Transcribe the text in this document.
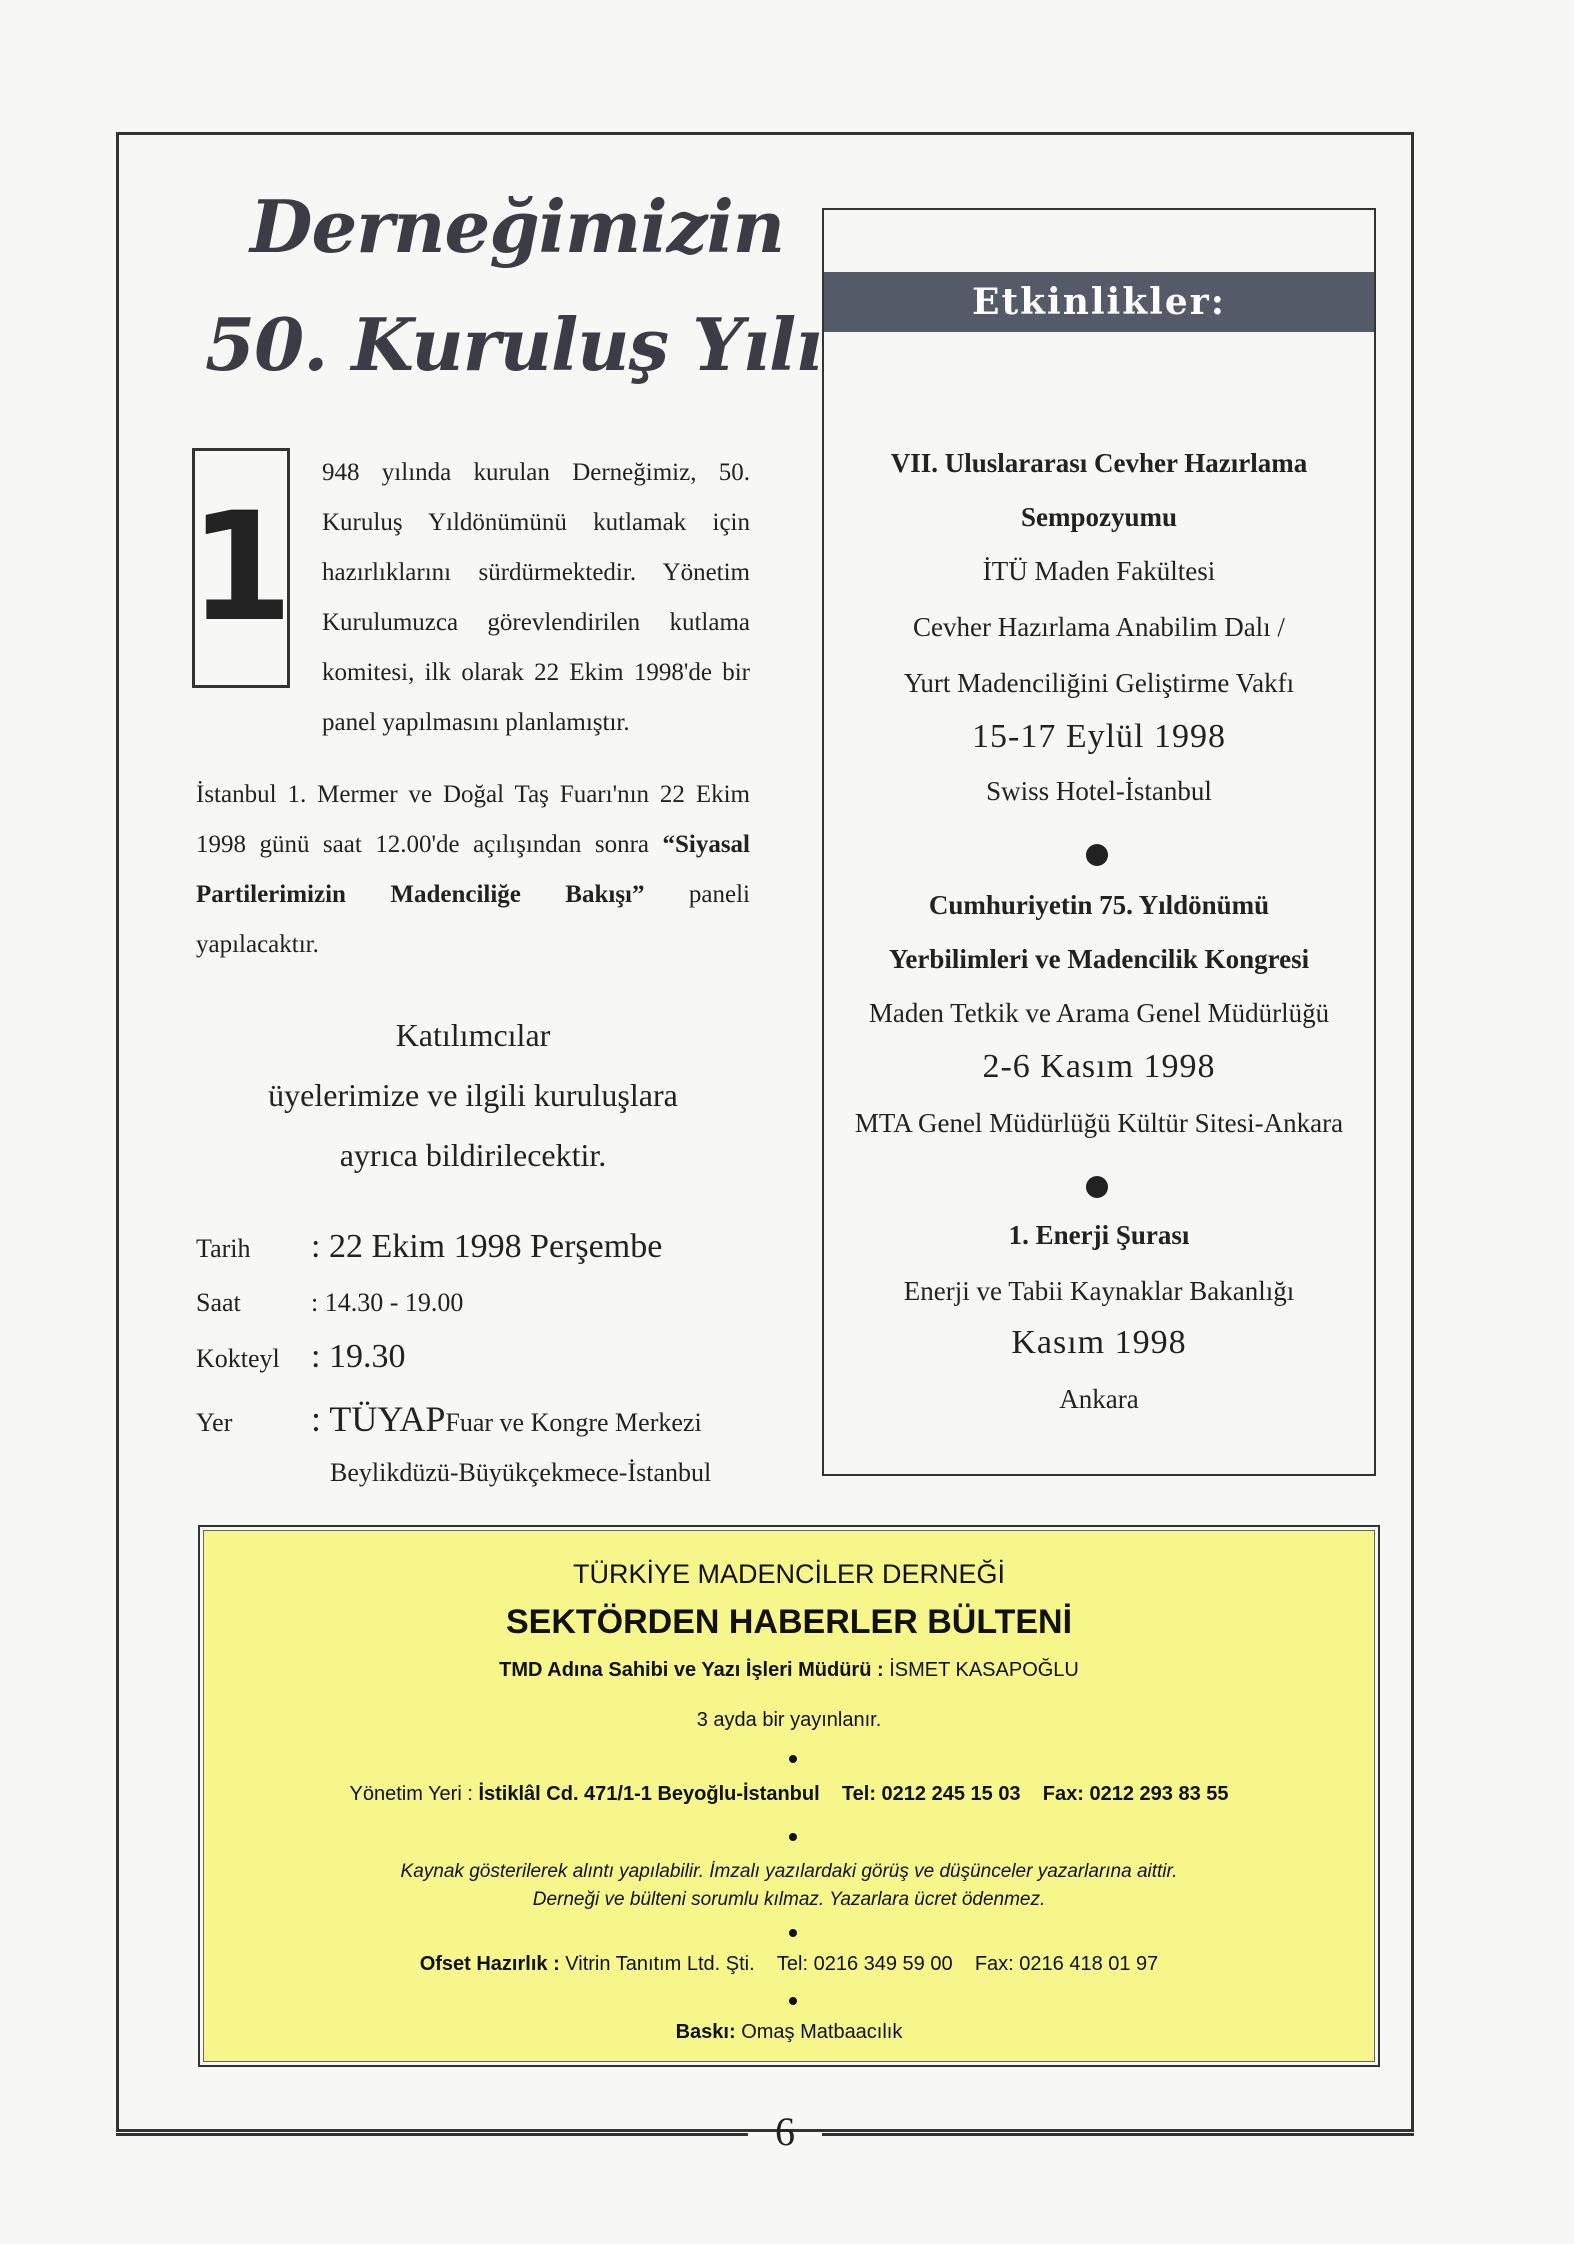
Derneğimizin
50. Kuruluş Yılı
1
948 yılında kurulan Derneğimiz, 50. Kuruluş Yıldönümünü kutlamak için hazırlıklarını sürdürmektedir. Yönetim Kurulumuzca görevlendirilen kutlama komitesi, ilk olarak 22 Ekim 1998'de bir panel yapılmasını planlamıştır.
İstanbul 1. Mermer ve Doğal Taş Fuarı'nın 22 Ekim 1998 günü saat 12.00'de açılışından sonra “Siyasal Partilerimizin Madenciliğe Bakışı” paneli yapılacaktır.
Katılımcılar
üyelerimize ve ilgili kuruluşlara
ayrıca bildirilecektir.
Tarih	: 22 Ekim 1998 Perşembe
Saat	: 14.30 - 19.00
Kokteyl : 19.30
Yer	: TÜYAP Fuar ve Kongre Merkezi
Beylikdüzü-Büyükçekmece-İstanbul
Etkinlikler:
VII. Uluslararası Cevher Hazırlama
Sempozyumu
İTÜ Maden Fakültesi
Cevher Hazırlama Anabilim Dalı /
Yurt Madenciliğini Geliştirme Vakfı
15-17 Eylül 1998
Swiss Hotel-İstanbul
Cumhuriyetin 75. Yıldönümü
Yerbilimleri ve Madencilik Kongresi
Maden Tetkik ve Arama Genel Müdürlüğü
2-6 Kasım 1998
MTA Genel Müdürlüğü Kültür Sitesi-Ankara
1. Enerji Şurası
Enerji ve Tabii Kaynaklar Bakanlığı
Kasım 1998
Ankara
TÜRKİYE MADENCİLER DERNEĞİ
SEKTÖRDEN HABERLER BÜLTENİ
TMD Adına Sahibi ve Yazı İşleri Müdürü : İSMET KASAPOĞLU
3 ayda bir yayınlanır.
Yönetim Yeri : İstiklâl Cd. 471/1-1 Beyoğlu-İstanbul Tel: 0212 245 15 03 Fax: 0212 293 83 55
Kaynak gösterilerek alıntı yapılabilir. İmzalı yazılardaki görüş ve düşünceler yazarlarına aittir.
Derneği ve bülteni sorumlu kılmaz. Yazarlara ücret ödenmez.
Ofset Hazırlık : Vitrin Tanıtım Ltd. Şti. Tel: 0216 349 59 00 Fax: 0216 418 01 97
Baskı: Omaş Matbaacılık
6
